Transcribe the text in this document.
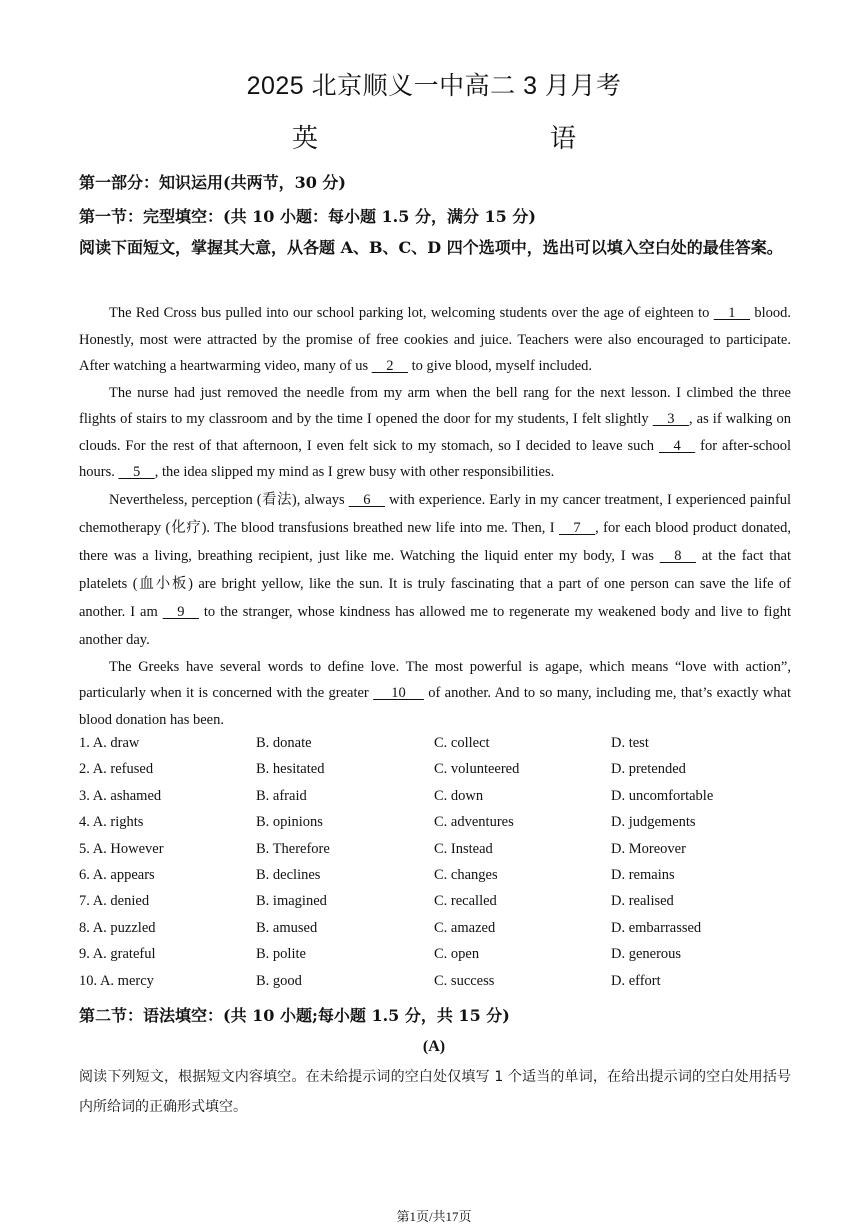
2025 北京顺义一中高二 3 月月考
英　　语
第一部分：知识运用(共两节，30 分)
第一节：完型填空：(共 10 小题：每小题 1.5 分，满分 15 分)
阅读下面短文，掌握其大意，从各题 A、B、C、D 四个选项中，选出可以填入空白处的最佳答案。

The Red Cross bus pulled into our school parking lot, welcoming students over the age of eighteen to     1     blood. Honestly, most were attracted by the promise of free cookies and juice. Teachers were also encouraged to participate. After watching a heartwarming video, many of us     2     to give blood, myself included.

The nurse had just removed the needle from my arm when the bell rang for the next lesson. I climbed the three flights of stairs to my classroom and by the time I opened the door for my students, I felt slightly     3    , as if walking on clouds. For the rest of that afternoon, I even felt sick to my stomach, so I decided to leave such     4     for after-school hours.     5    , the idea slipped my mind as I grew busy with other responsibilities.

Nevertheless, perception (看法), always     6     with experience. Early in my cancer treatment, I experienced painful chemotherapy (化疗). The blood transfusions breathed new life into me. Then, I     7    , for each blood product donated, there was a living, breathing recipient, just like me. Watching the liquid enter my body, I was     8     at the fact that platelets (血小板) are bright yellow, like the sun. It is truly fascinating that a part of one person can save the life of another. I am     9     to the stranger, whose kindness has allowed me to regenerate my weakened body and live to fight another day.

The Greeks have several words to define love. The most powerful is agape, which means “love with action”, particularly when it is concerned with the greater      10      of another. And to so many, including me, that’s exactly what blood donation has been.

1. A. draw	B. donate	C. collect	D. test
2. A. refused	B. hesitated	C. volunteered	D. pretended
3. A. ashamed	B. afraid	C. down	D. uncomfortable
4. A. rights	B. opinions	C. adventures	D. judgements
5. A. However	B. Therefore	C. Instead	D. Moreover
6. A. appears	B. declines	C. changes	D. remains
7. A. denied	B. imagined	C. recalled	D. realised
8. A. puzzled	B. amused	C. amazed	D. embarrassed
9. A. grateful	B. polite	C. open	D. generous
10. A. mercy	B. good	C. success	D. effort
第二节：语法填空：(共 10 小题;每小题 1.5 分，共 15 分)
(A)
阅读下列短文，根据短文内容填空。在未给提示词的空白处仅填写 1 个适当的单词，在给出提示词的空白处用括号内所给词的正确形式填空。
第1页/共17页
